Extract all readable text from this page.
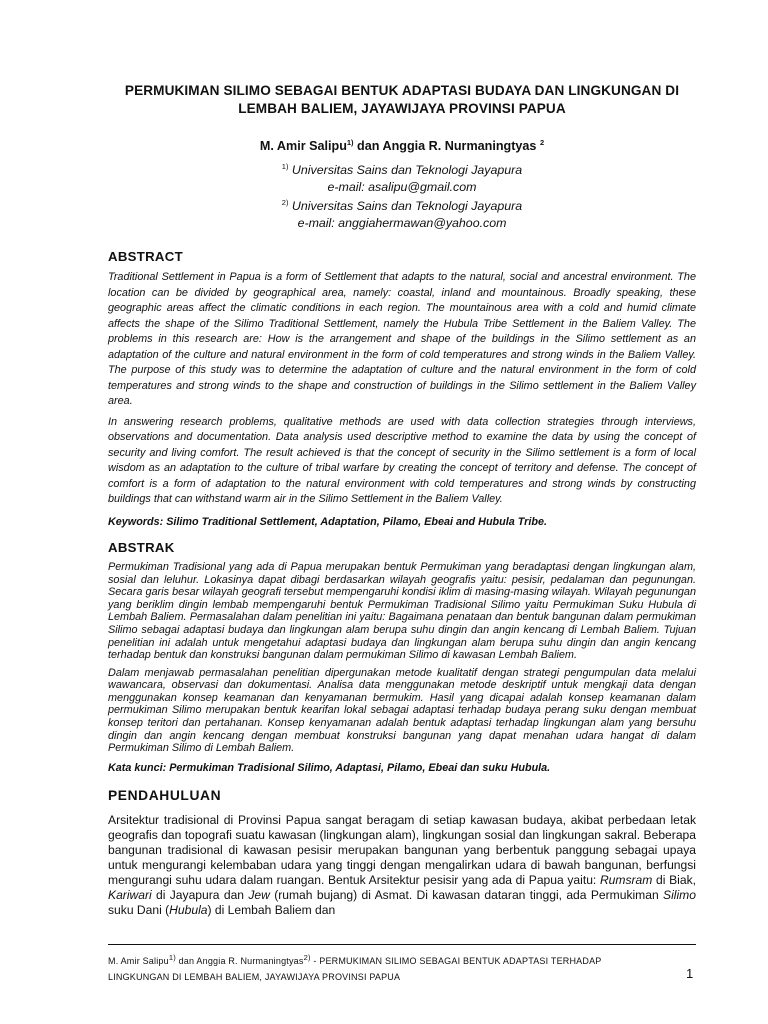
PERMUKIMAN SILIMO SEBAGAI BENTUK ADAPTASI BUDAYA DAN LINGKUNGAN DI
LEMBAH BALIEM, JAYAWIJAYA PROVINSI PAPUA
M. Amir Salipu$^{1)}$ dan Anggia R. Nurmaningtyas $^2$
$^{1)}$ Universitas Sains dan Teknologi Jayapura
e-mail: asalipu@gmail.com
$^{2)}$ Universitas Sains dan Teknologi Jayapura
e-mail: anggiahermawan@yahoo.com
ABSTRACT

Traditional Settlement in Papua is a form of Settlement that adapts to the natural, social and ancestral environment. The location can be divided by geographical area, namely: coastal, inland and mountainous. Broadly speaking, these geographic areas affect the climatic conditions in each region. The mountainous area with a cold and humid climate affects the shape of the Silimo Traditional Settlement, namely the Hubula Tribe Settlement in the Baliem Valley. The problems in this research are: How is the arrangement and shape of the buildings in the Silimo settlement as an adaptation of the culture and natural environment in the form of cold temperatures and strong winds in the Baliem Valley. The purpose of this study was to determine the adaptation of culture and the natural environment in the form of cold temperatures and strong winds to the shape and construction of buildings in the Silimo settlement in the Baliem Valley area.

In answering research problems, qualitative methods are used with data collection strategies through interviews, observations and documentation. Data analysis used descriptive method to examine the data by using the concept of security and living comfort. The result achieved is that the concept of security in the Silimo settlement is a form of local wisdom as an adaptation to the culture of tribal warfare by creating the concept of territory and defense. The concept of comfort is a form of adaptation to the natural environment with cold temperatures and strong winds by constructing buildings that can withstand warm air in the Silimo Settlement in the Baliem Valley.

Keywords: Silimo Traditional Settlement, Adaptation, Pilamo, Ebeai and Hubula Tribe.

ABSTRAK

Permukiman Tradisional yang ada di Papua merupakan bentuk Permukiman yang beradaptasi dengan lingkungan alam, sosial dan leluhur. Lokasinya dapat dibagi berdasarkan wilayah geografis yaitu: pesisir, pedalaman dan pegunungan. Secara garis besar wilayah geografi tersebut mempengaruhi kondisi iklim di masing-masing wilayah. Wilayah pegunungan yang beriklim dingin lembab mempengaruhi bentuk Permukiman Tradisional Silimo yaitu Permukiman Suku Hubula di Lembah Baliem. Permasalahan dalam penelitian ini yaitu: Bagaimana penataan dan bentuk bangunan dalam permukiman Silimo sebagai adaptasi budaya dan lingkungan alam berupa suhu dingin dan angin kencang di Lembah Baliem. Tujuan penelitian ini adalah untuk mengetahui adaptasi budaya dan lingkungan alam berupa suhu dingin dan angin kencang terhadap bentuk dan konstruksi bangunan dalam permukiman Silimo di kawasan Lembah Baliem.

Dalam menjawab permasalahan penelitian dipergunakan metode kualitatif dengan strategi pengumpulan data melalui wawancara, observasi dan dokumentasi. Analisa data menggunakan metode deskriptif untuk mengkaji data dengan menggunakan konsep keamanan dan kenyamanan bermukim. Hasil yang dicapai adalah konsep keamanan dalam permukiman Silimo merupakan bentuk kearifan lokal sebagai adaptasi terhadap budaya perang suku dengan membuat konsep teritori dan pertahanan. Konsep kenyamanan adalah bentuk adaptasi terhadap lingkungan alam yang bersuhu dingin dan angin kencang dengan membuat konstruksi bangunan yang dapat menahan udara hangat di dalam Permukiman Silimo di Lembah Baliem.

Kata kunci: Permukiman Tradisional Silimo, Adaptasi, Pilamo, Ebeai dan suku Hubula.

PENDAHULUAN

Arsitektur tradisional di Provinsi Papua sangat beragam di setiap kawasan budaya, akibat perbedaan letak geografis dan topografi suatu kawasan (lingkungan alam), lingkungan sosial dan lingkungan sakral. Beberapa bangunan tradisional di kawasan pesisir merupakan bangunan yang berbentuk panggung sebagai upaya untuk mengurangi kelembaban udara yang tinggi dengan mengalirkan udara di bawah bangunan, berfungsi mengurangi suhu udara dalam ruangan. Bentuk Arsitektur pesisir yang ada di Papua yaitu: Rumsram di Biak, Kariwari di Jayapura dan Jew (rumah bujang) di Asmat. Di kawasan dataran tinggi, ada Permukiman Silimo suku Dani (Hubula) di Lembah Baliem dan

M. Amir Salipu$^{1)}$ dan Anggia R. Nurmaningtyas$^{2)}$ - PERMUKIMAN SILIMO SEBAGAI BENTUK ADAPTASI TERHADAP
LINGKUNGAN DI LEMBAH BALIEM, JAYAWIJAYA PROVINSI PAPUA	1
